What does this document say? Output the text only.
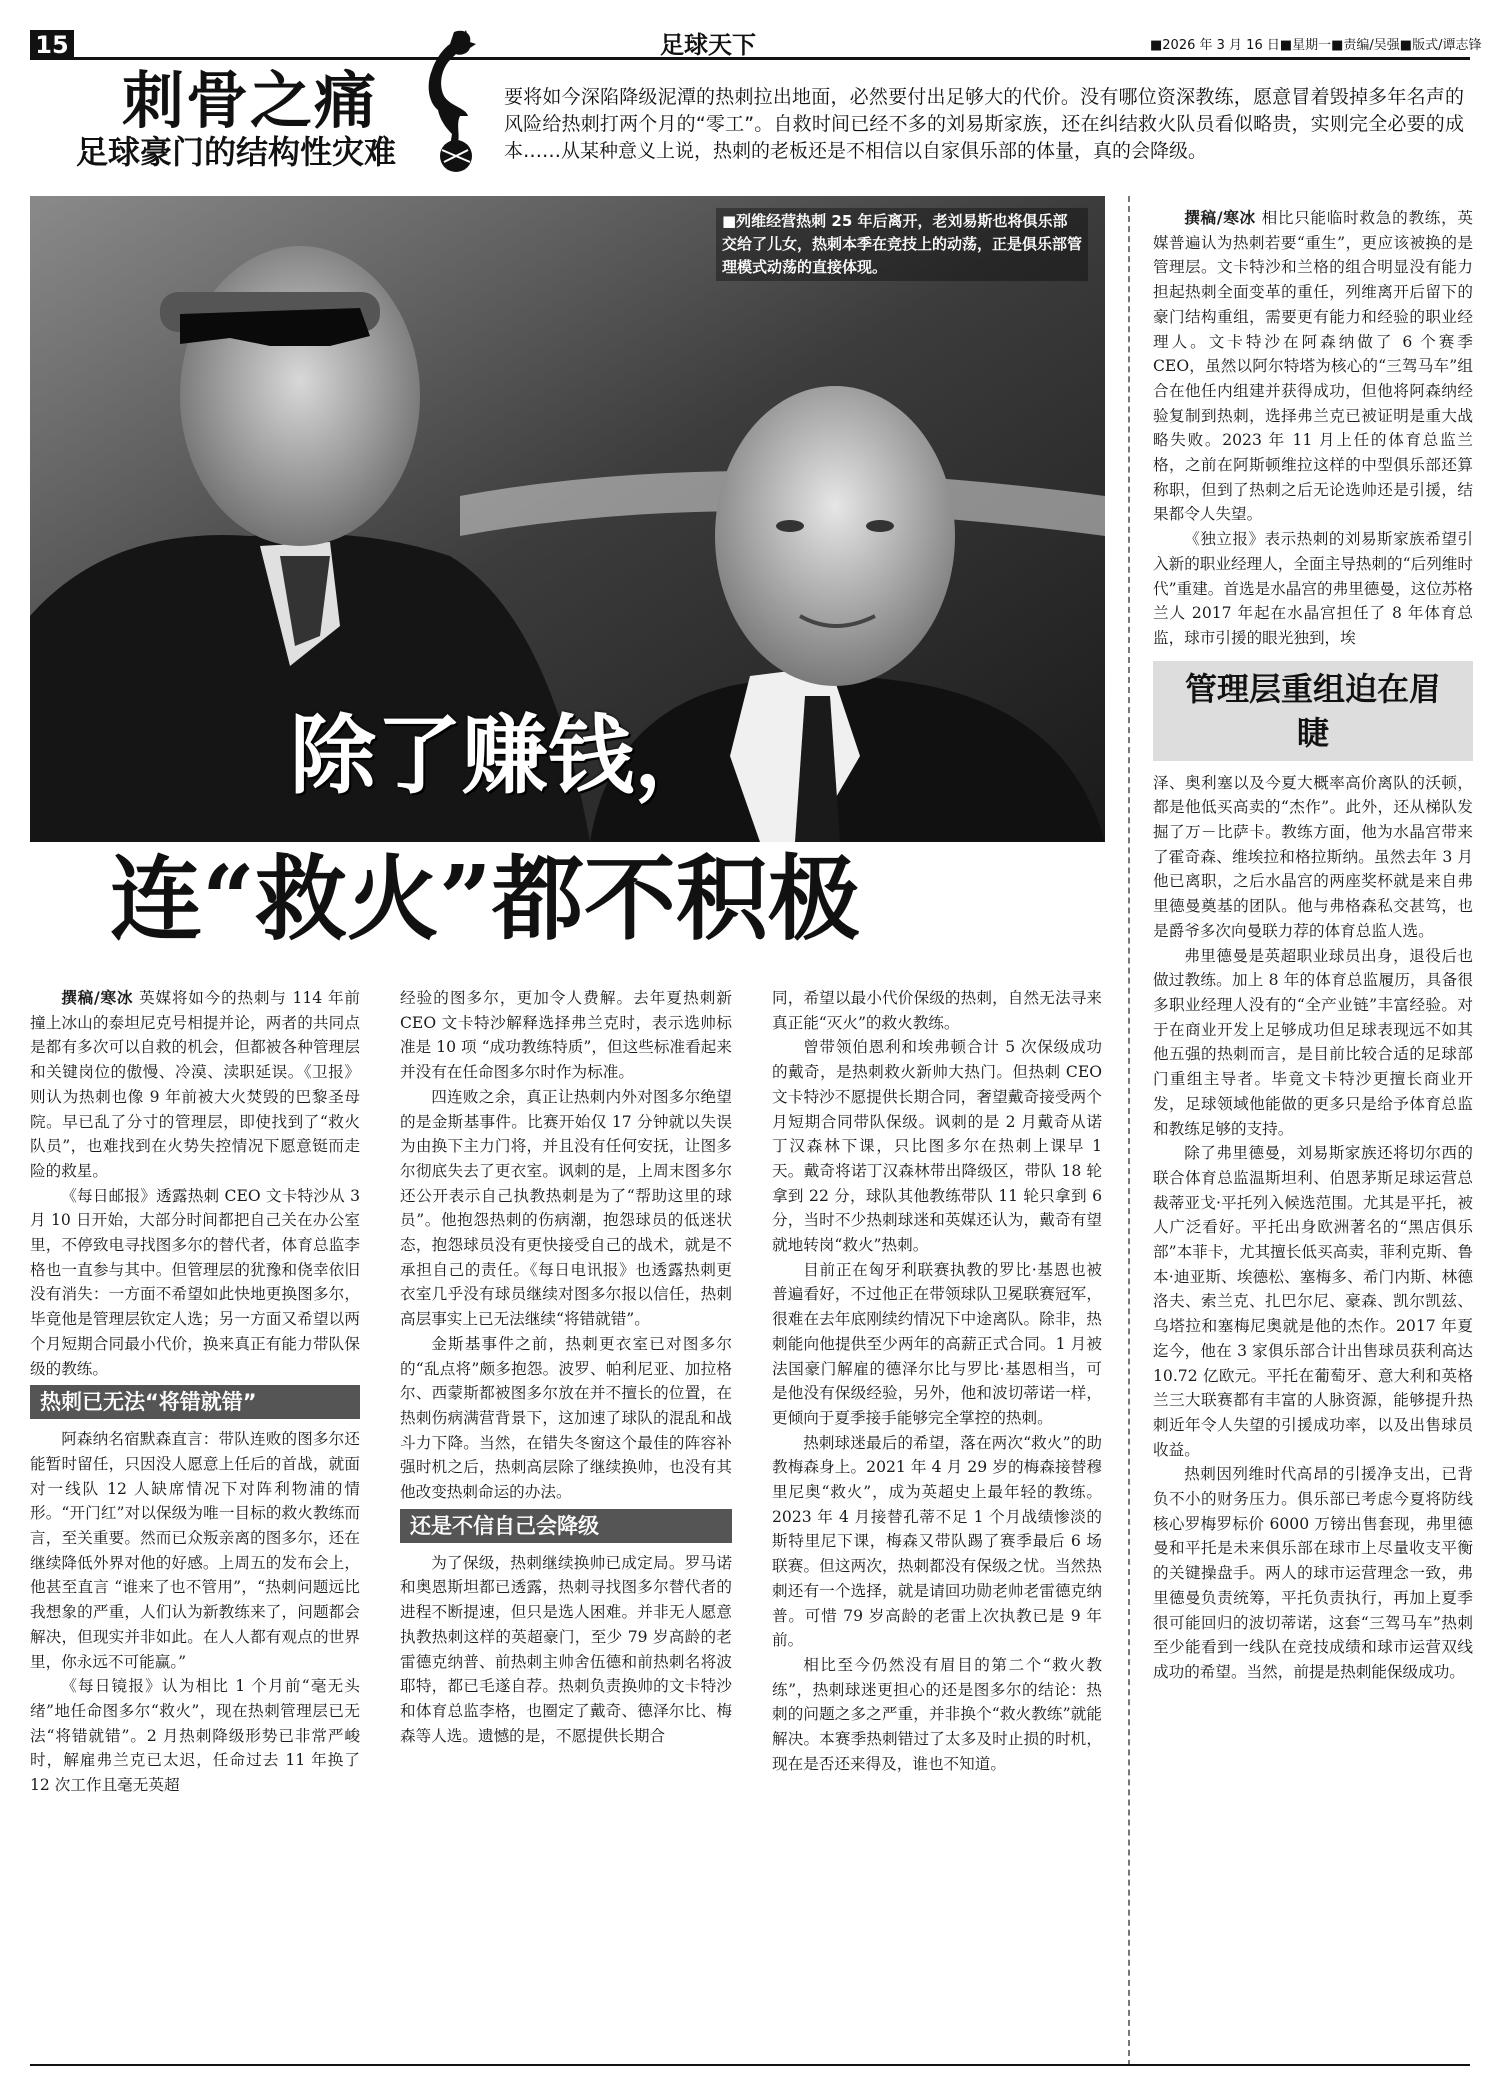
15	足球天下	■2026 年 3 月 16 日■星期一■责编/吴强■版式/谭志锋
刺骨之痛
足球豪门的结构性灾难
要将如今深陷降级泥潭的热刺拉出地面，必然要付出足够大的代价。没有哪位资深教练，愿意冒着毁掉多年名声的风险给热刺打两个月的“零工”。自救时间已经不多的刘易斯家族，还在纠结救火队员看似略贵，实则完全必要的成本……从某种意义上说，热刺的老板还是不相信以自家俱乐部的体量，真的会降级。
■列维经营热刺 25 年后离开，老刘易斯也将俱乐部交给了儿女，热刺本季在竞技上的动荡，正是俱乐部管理模式动荡的直接体现。
除了赚钱，
连“救火”都不积极

撰稿/寒冰 英媒将如今的热刺与 114 年前撞上冰山的泰坦尼克号相提并论，两者的共同点是都有多次可以自救的机会，但都被各种管理层和关键岗位的傲慢、冷漠、渎职延误。《卫报》则认为热刺也像 9 年前被大火焚毁的巴黎圣母院。早已乱了分寸的管理层，即使找到了“救火队员”，也难找到在火势失控情况下愿意铤而走险的救星。

《每日邮报》透露热刺 CEO 文卡特沙从 3 月 10 日开始，大部分时间都把自己关在办公室里，不停致电寻找图多尔的替代者，体育总监李格也一直参与其中。但管理层的犹豫和侥幸依旧没有消失：一方面不希望如此快地更换图多尔，毕竟他是管理层钦定人选；另一方面又希望以两个月短期合同最小代价，换来真正有能力带队保级的教练。

热刺已无法“将错就错”

阿森纳名宿默森直言：带队连败的图多尔还能暂时留任，只因没人愿意上任后的首战，就面对一线队 12 人缺席情况下对阵利物浦的情形。“开门红”对以保级为唯一目标的救火教练而言，至关重要。然而已众叛亲离的图多尔，还在继续降低外界对他的好感。上周五的发布会上，他甚至直言 “谁来了也不管用”，“热刺问题远比我想象的严重，人们认为新教练来了，问题都会解决，但现实并非如此。在人人都有观点的世界里，你永远不可能赢。”

《每日镜报》认为相比 1 个月前“毫无头绪”地任命图多尔“救火”，现在热刺管理层已无法“将错就错”。2 月热刺降级形势已非常严峻时，解雇弗兰克已太迟，任命过去 11 年换了 12 次工作且毫无英超

经验的图多尔，更加令人费解。去年夏热刺新 CEO 文卡特沙解释选择弗兰克时，表示选帅标准是 10 项 “成功教练特质”，但这些标准看起来并没有在任命图多尔时作为标准。

四连败之余，真正让热刺内外对图多尔绝望的是金斯基事件。比赛开始仅 17 分钟就以失误为由换下主力门将，并且没有任何安抚，让图多尔彻底失去了更衣室。讽刺的是，上周末图多尔还公开表示自己执教热刺是为了“帮助这里的球员”。他抱怨热刺的伤病潮，抱怨球员的低迷状态，抱怨球员没有更快接受自己的战术，就是不承担自己的责任。《每日电讯报》也透露热刺更衣室几乎没有球员继续对图多尔报以信任，热刺高层事实上已无法继续“将错就错”。

金斯基事件之前，热刺更衣室已对图多尔的“乱点将”颇多抱怨。波罗、帕利尼亚、加拉格尔、西蒙斯都被图多尔放在并不擅长的位置，在热刺伤病满营背景下，这加速了球队的混乱和战斗力下降。当然，在错失冬窗这个最佳的阵容补强时机之后，热刺高层除了继续换帅，也没有其他改变热刺命运的办法。

还是不信自己会降级

为了保级，热刺继续换帅已成定局。罗马诺和奥恩斯坦都已透露，热刺寻找图多尔替代者的进程不断提速，但只是选人困难。并非无人愿意执教热刺这样的英超豪门，至少 79 岁高龄的老雷德克纳普、前热刺主帅舍伍德和前热刺名将波耶特，都已毛遂自荐。热刺负责换帅的文卡特沙和体育总监李格，也圈定了戴奇、德泽尔比、梅森等人选。遗憾的是，不愿提供长期合

同，希望以最小代价保级的热刺，自然无法寻来真正能“灭火”的救火教练。

曾带领伯恩利和埃弗顿合计 5 次保级成功的戴奇，是热刺救火新帅大热门。但热刺 CEO 文卡特沙不愿提供长期合同，奢望戴奇接受两个月短期合同带队保级。讽刺的是 2 月戴奇从诺丁汉森林下课，只比图多尔在热刺上课早 1 天。戴奇将诺丁汉森林带出降级区，带队 18 轮拿到 22 分，球队其他教练带队 11 轮只拿到 6 分，当时不少热刺球迷和英媒还认为，戴奇有望就地转岗“救火”热刺。

目前正在匈牙利联赛执教的罗比·基恩也被普遍看好，不过他正在带领球队卫冕联赛冠军，很难在去年底刚续约情况下中途离队。除非，热刺能向他提供至少两年的高薪正式合同。1 月被法国豪门解雇的德泽尔比与罗比·基恩相当，可是他没有保级经验，另外，他和波切蒂诺一样，更倾向于夏季接手能够完全掌控的热刺。

热刺球迷最后的希望，落在两次“救火”的助教梅森身上。2021 年 4 月 29 岁的梅森接替穆里尼奥“救火”，成为英超史上最年轻的教练。2023 年 4 月接替孔蒂不足 1 个月战绩惨淡的斯特里尼下课，梅森又带队踢了赛季最后 6 场联赛。但这两次，热刺都没有保级之忧。当然热刺还有一个选择，就是请回功勋老帅老雷德克纳普。可惜 79 岁高龄的老雷上次执教已是 9 年前。

相比至今仍然没有眉目的第二个“救火教练”，热刺球迷更担心的还是图多尔的结论：热刺的问题之多之严重，并非换个“救火教练”就能解决。本赛季热刺错过了太多及时止损的时机，现在是否还来得及，谁也不知道。

撰稿/寒冰 相比只能临时救急的教练，英媒普遍认为热刺若要“重生”，更应该被换的是管理层。文卡特沙和兰格的组合明显没有能力担起热刺全面变革的重任，列维离开后留下的豪门结构重组，需要更有能力和经验的职业经理人。文卡特沙在阿森纳做了 6 个赛季 CEO，虽然以阿尔特塔为核心的“三驾马车”组合在他任内组建并获得成功，但他将阿森纳经验复制到热刺，选择弗兰克已被证明是重大战略失败。2023 年 11 月上任的体育总监兰格，之前在阿斯顿维拉这样的中型俱乐部还算称职，但到了热刺之后无论选帅还是引援，结果都令人失望。

《独立报》表示热刺的刘易斯家族希望引入新的职业经理人，全面主导热刺的“后列维时代”重建。首选是水晶宫的弗里德曼，这位苏格兰人 2017 年起在水晶宫担任了 8 年体育总监，球市引援的眼光独到，埃

管理层重组迫在眉睫

泽、奥利塞以及今夏大概率高价离队的沃顿，都是他低买高卖的“杰作”。此外，还从梯队发掘了万－比萨卡。教练方面，他为水晶宫带来了霍奇森、维埃拉和格拉斯纳。虽然去年 3 月他已离职，之后水晶宫的两座奖杯就是来自弗里德曼奠基的团队。他与弗格森私交甚笃，也是爵爷多次向曼联力荐的体育总监人选。

弗里德曼是英超职业球员出身，退役后也做过教练。加上 8 年的体育总监履历，具备很多职业经理人没有的“全产业链”丰富经验。对于在商业开发上足够成功但足球表现远不如其他五强的热刺而言，是目前比较合适的足球部门重组主导者。毕竟文卡特沙更擅长商业开发，足球领域他能做的更多只是给予体育总监和教练足够的支持。

除了弗里德曼，刘易斯家族还将切尔西的联合体育总监温斯坦利、伯恩茅斯足球运营总裁蒂亚戈·平托列入候选范围。尤其是平托，被人广泛看好。平托出身欧洲著名的“黑店俱乐部”本菲卡，尤其擅长低买高卖，菲利克斯、鲁本·迪亚斯、埃德松、塞梅多、希门内斯、林德洛夫、索兰克、扎巴尔尼、豪森、凯尔凯兹、乌塔拉和塞梅尼奥就是他的杰作。2017 年夏迄今，他在 3 家俱乐部合计出售球员获利高达 10.72 亿欧元。平托在葡萄牙、意大利和英格兰三大联赛都有丰富的人脉资源，能够提升热刺近年令人失望的引援成功率，以及出售球员收益。

热刺因列维时代高昂的引援净支出，已背负不小的财务压力。俱乐部已考虑今夏将防线核心罗梅罗标价 6000 万镑出售套现，弗里德曼和平托是未来俱乐部在球市上尽量收支平衡的关键操盘手。两人的球市运营理念一致，弗里德曼负责统筹，平托负责执行，再加上夏季很可能回归的波切蒂诺，这套“三驾马车”热刺至少能看到一线队在竞技成绩和球市运营双线成功的希望。当然，前提是热刺能保级成功。
